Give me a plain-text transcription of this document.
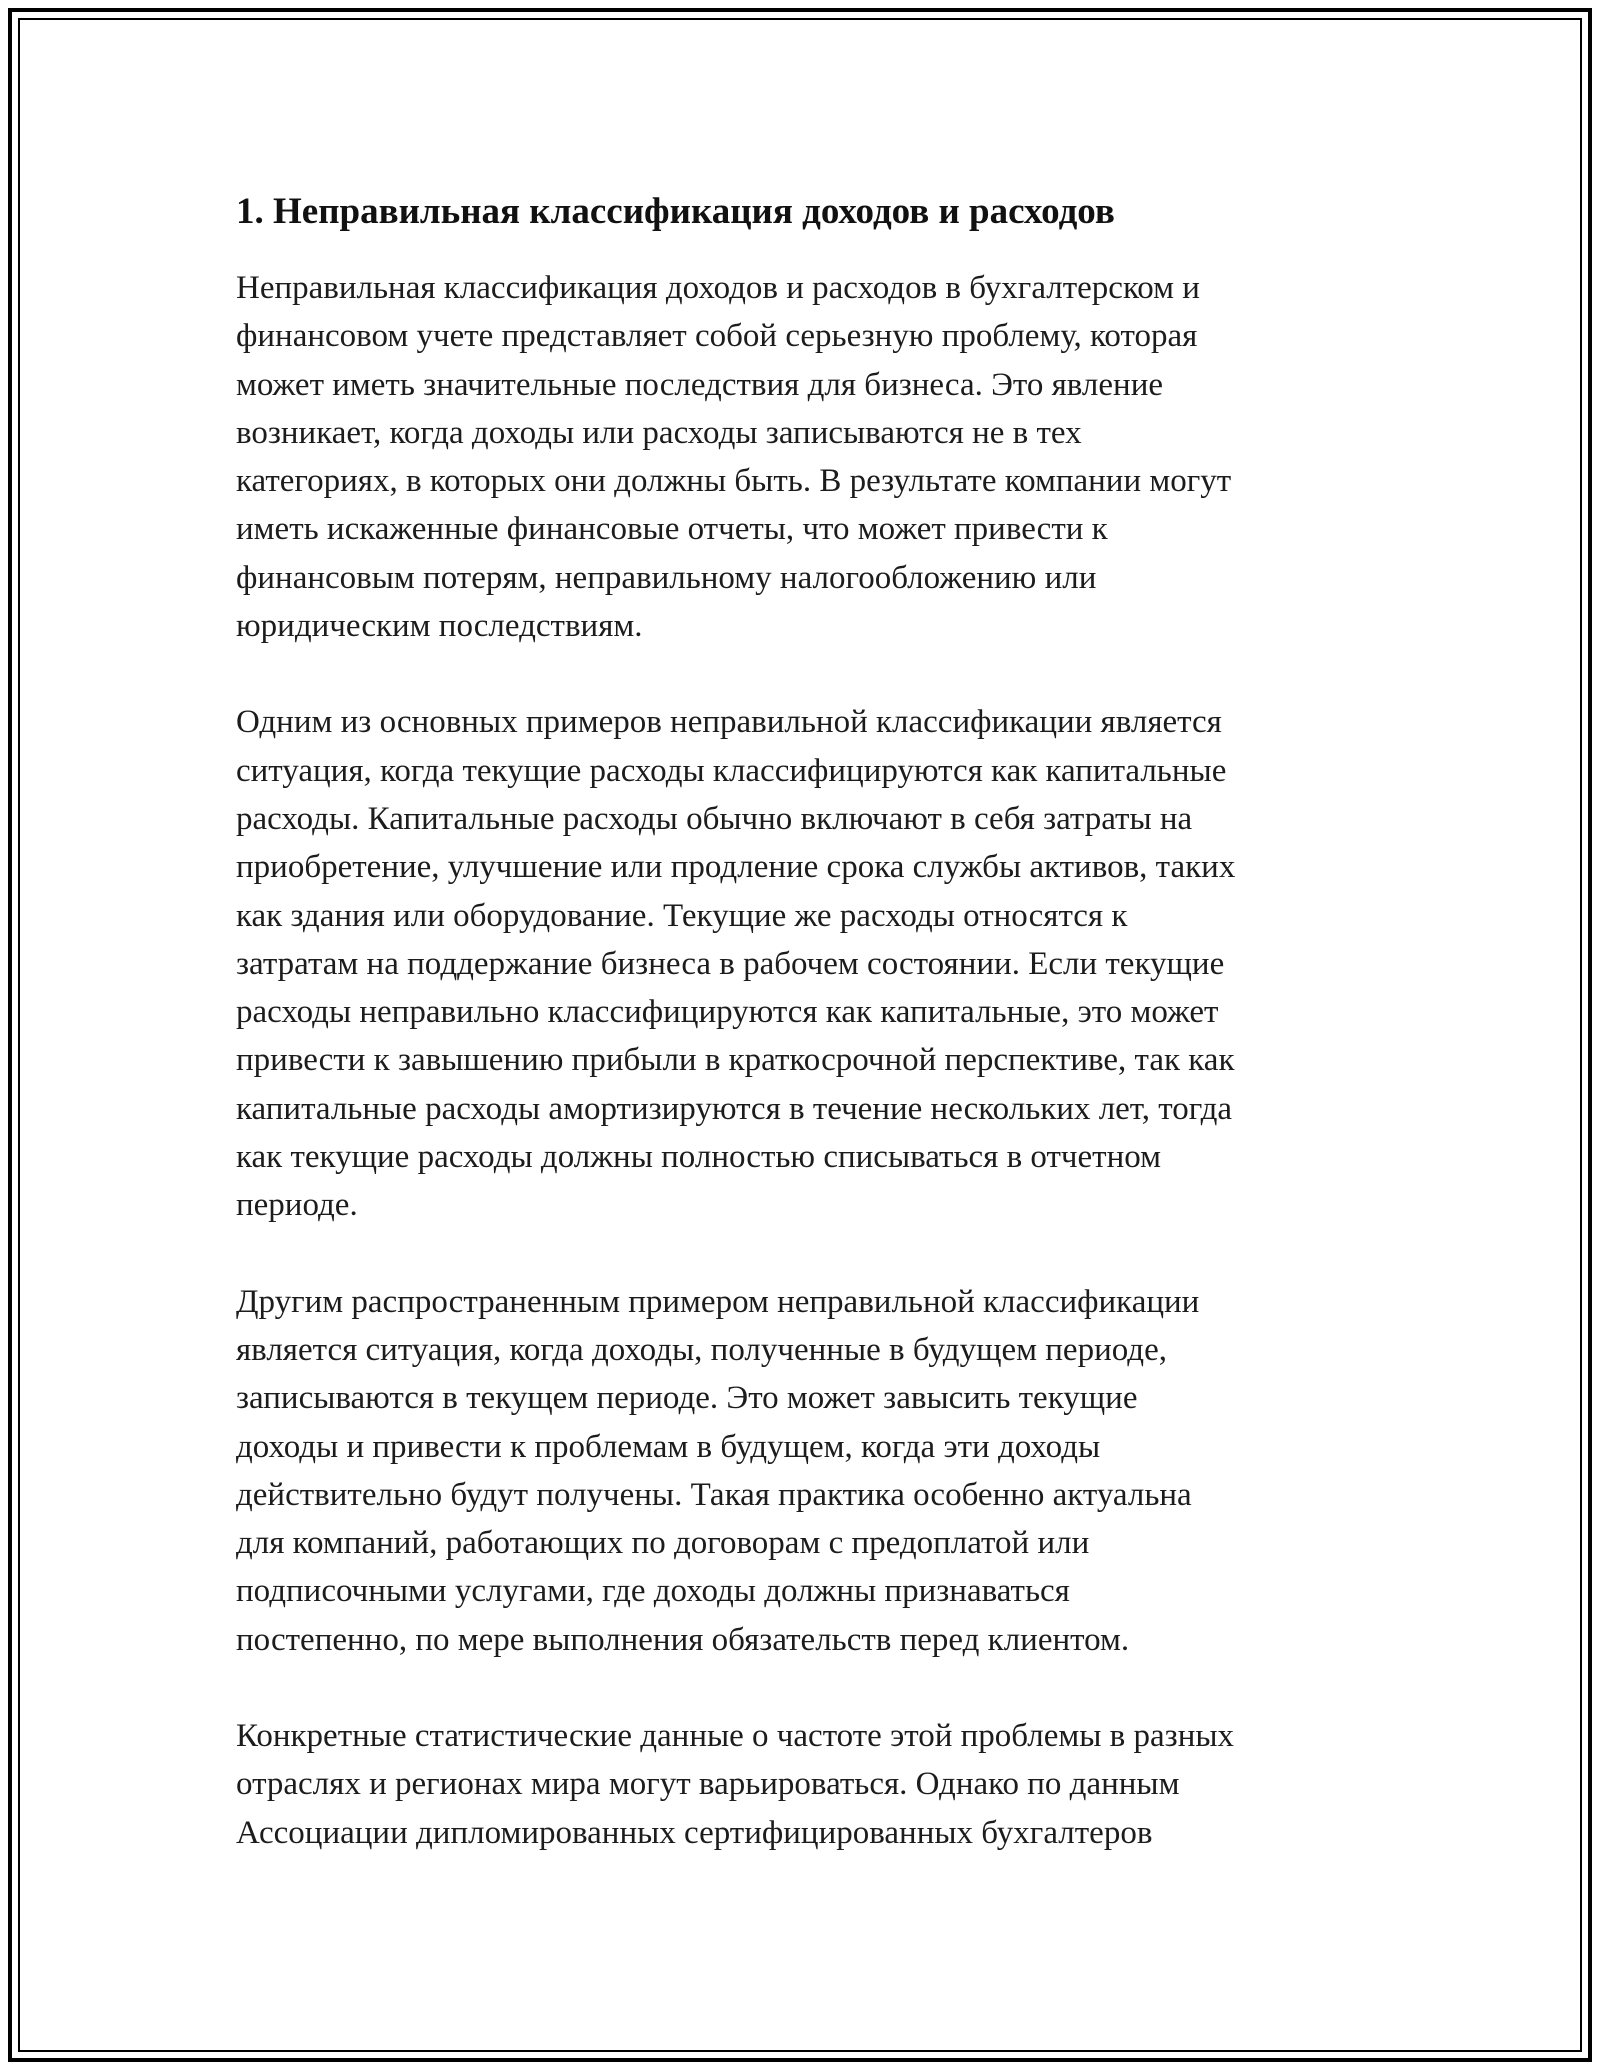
1. Неправильная классификация доходов и расходов

Неправильная классификация доходов и расходов в бухгалтерском и
финансовом учете представляет собой серьезную проблему, которая
может иметь значительные последствия для бизнеса. Это явление
возникает, когда доходы или расходы записываются не в тех
категориях, в которых они должны быть. В результате компании могут
иметь искаженные финансовые отчеты, что может привести к
финансовым потерям, неправильному налогообложению или
юридическим последствиям.

Одним из основных примеров неправильной классификации является
ситуация, когда текущие расходы классифицируются как капитальные
расходы. Капитальные расходы обычно включают в себя затраты на
приобретение, улучшение или продление срока службы активов, таких
как здания или оборудование. Текущие же расходы относятся к
затратам на поддержание бизнеса в рабочем состоянии. Если текущие
расходы неправильно классифицируются как капитальные, это может
привести к завышению прибыли в краткосрочной перспективе, так как
капитальные расходы амортизируются в течение нескольких лет, тогда
как текущие расходы должны полностью списываться в отчетном
периоде.

Другим распространенным примером неправильной классификации
является ситуация, когда доходы, полученные в будущем периоде,
записываются в текущем периоде. Это может завысить текущие
доходы и привести к проблемам в будущем, когда эти доходы
действительно будут получены. Такая практика особенно актуальна
для компаний, работающих по договорам с предоплатой или
подписочными услугами, где доходы должны признаваться
постепенно, по мере выполнения обязательств перед клиентом.

Конкретные статистические данные о частоте этой проблемы в разных
отраслях и регионах мира могут варьироваться. Однако по данным
Ассоциации дипломированных сертифицированных бухгалтеров
